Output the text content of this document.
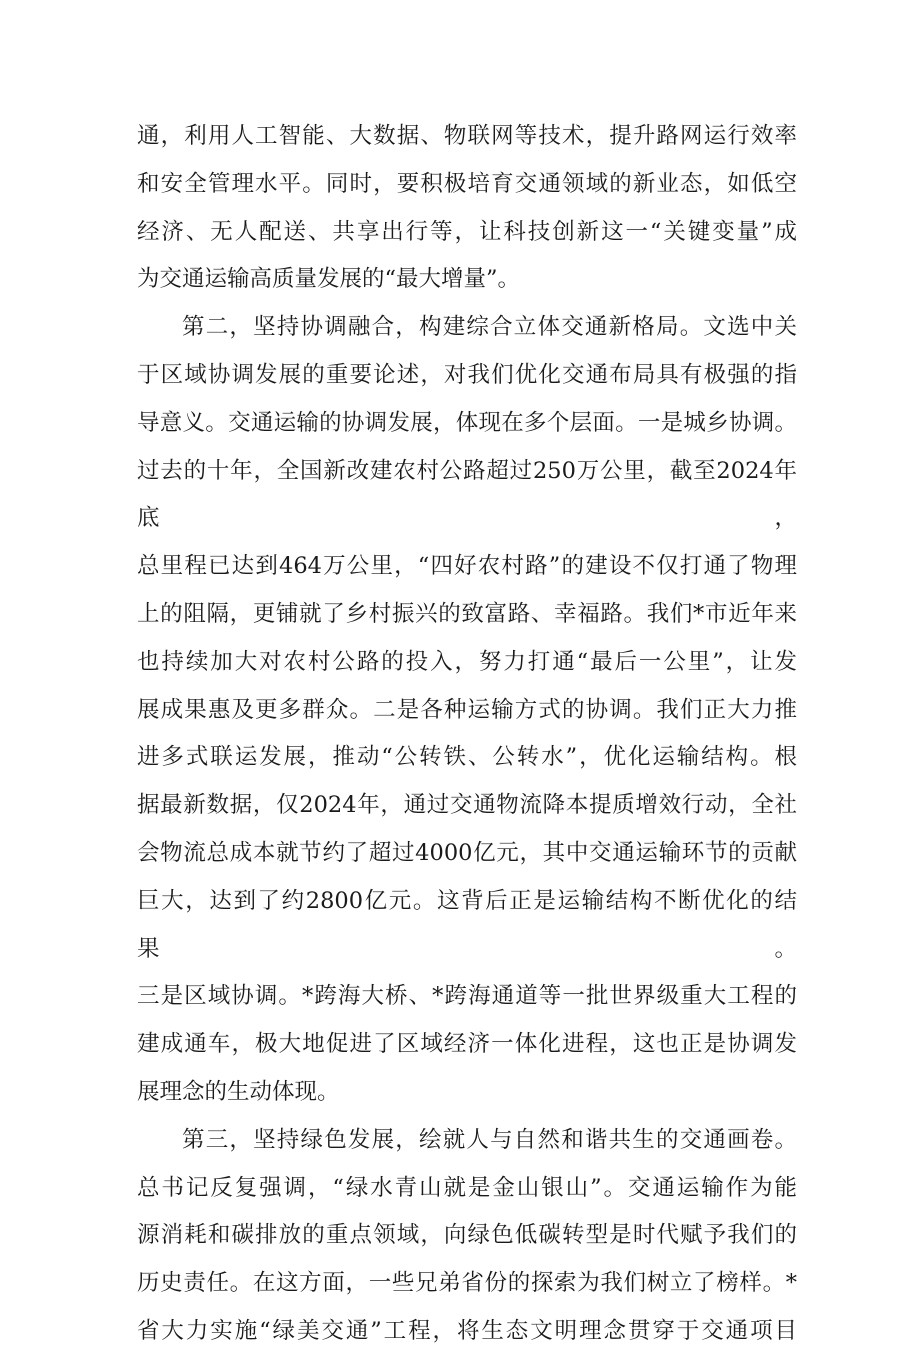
通，利用人工智能、大数据、物联网等技术，提升路网运行效率

和安全管理水平。同时，要积极培育交通领域的新业态，如低空

经济、无人配送、共享出行等，让科技创新这一“关键变量”成

为交通运输高质量发展的“最大增量”。

第二，坚持协调融合，构建综合立体交通新格局。文选中关

于区域协调发展的重要论述，对我们优化交通布局具有极强的指

导意义。交通运输的协调发展，体现在多个层面。一是城乡协调。

过去的十年，全国新改建农村公路超过250万公里，截至2024年底，

总里程已达到464万公里，“四好农村路”的建设不仅打通了物理

上的阻隔，更铺就了乡村振兴的致富路、幸福路。我们*市近年来

也持续加大对农村公路的投入，努力打通“最后一公里”，让发

展成果惠及更多群众。二是各种运输方式的协调。我们正大力推

进多式联运发展，推动“公转铁、公转水”，优化运输结构。根

据最新数据，仅2024年，通过交通物流降本提质增效行动，全社

会物流总成本就节约了超过4000亿元，其中交通运输环节的贡献

巨大，达到了约2800亿元。这背后正是运输结构不断优化的结果。

三是区域协调。*跨海大桥、*跨海通道等一批世界级重大工程的

建成通车，极大地促进了区域经济一体化进程，这也正是协调发

展理念的生动体现。

第三，坚持绿色发展，绘就人与自然和谐共生的交通画卷。

总书记反复强调，“绿水青山就是金山银山”。交通运输作为能

源消耗和碳排放的重点领域，向绿色低碳转型是时代赋予我们的

历史责任。在这方面，一些兄弟省份的探索为我们树立了榜样。*

省大力实施“绿美交通”工程，将生态文明理念贯穿于交通项目
